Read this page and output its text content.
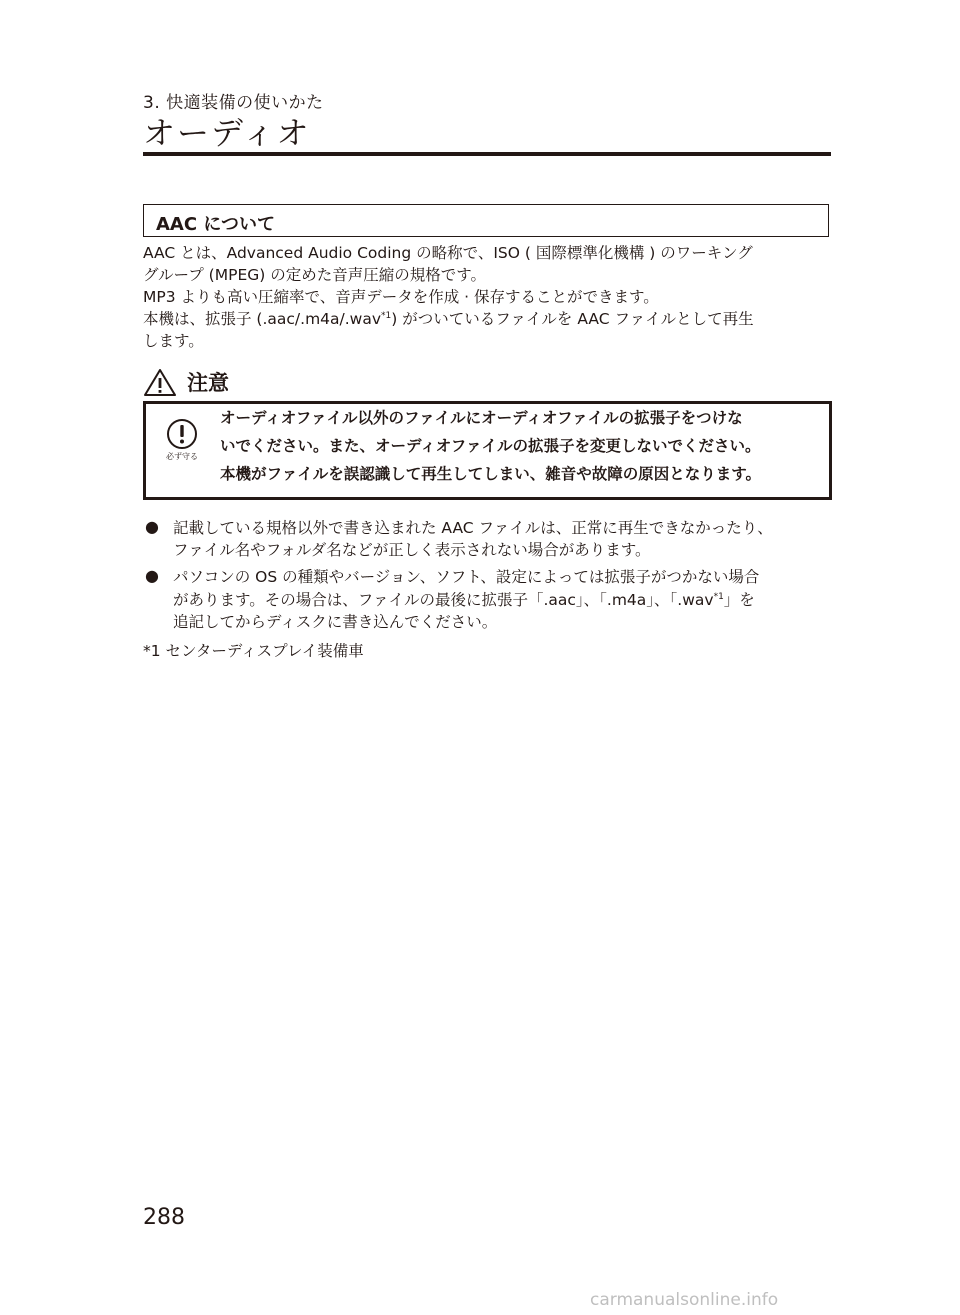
3. 快適装備の使いかた
オーディオ
AAC について
AAC とは、Advanced Audio Coding の略称で、ISO ( 国際標準化機構 ) のワーキング
グループ (MPEG) の定めた音声圧縮の規格です。
MP3 よりも高い圧縮率で、音声データを作成 · 保存することができます。
本機は、拡張子 (.aac/.m4a/.wav$^{*1}$) がついているファイルを AAC ファイルとして再生
します。
注意
必ず守る
オーディオファイル以外のファイルにオーディオファイルの拡張子をつけな
いでください。また、オーディオファイルの拡張子を変更しないでください。
本機がファイルを誤認識して再生してしまい、雑音や故障の原因となります。
● 記載している規格以外で書き込まれた AAC ファイルは、正常に再生できなかったり、
ファイル名やフォルダ名などが正しく表示されない場合があります。
● パソコンの OS の種類やバージョン、ソフト、設定によっては拡張子がつかない場合
があります。その場合は、ファイルの最後に拡張子「.aac」、「.m4a」、「.wav$^{*1}$」を
追記してからディスクに書き込んでください。
*1 センターディスプレイ装備車
288
carmanualsonline.info
